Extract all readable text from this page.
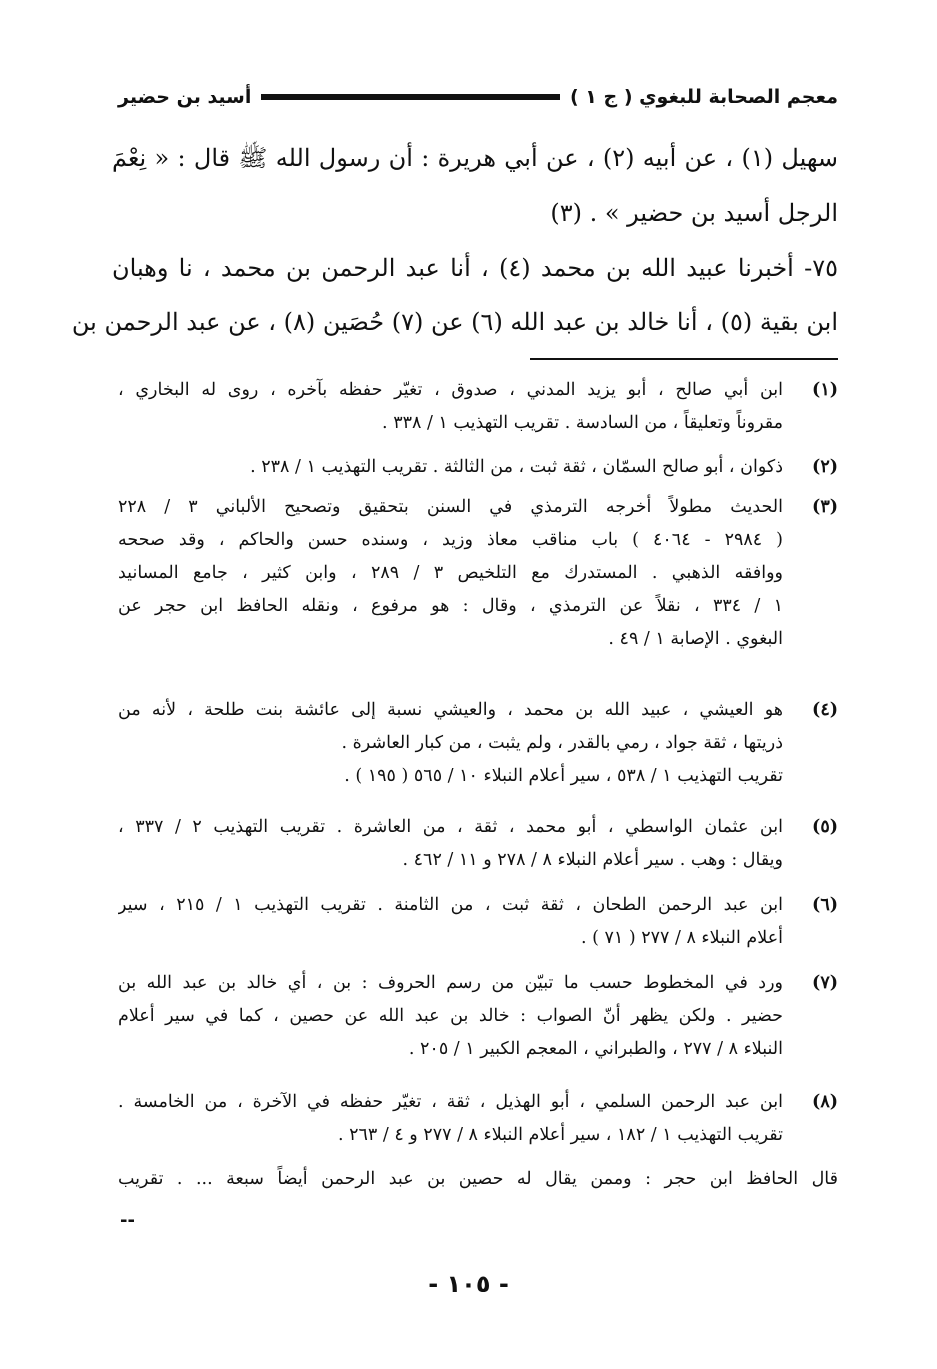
معجم الصحابة للبغوي ( ج ١ )
أسيد بن حضير

سهيل (١) ، عن أبيه (٢) ، عن أبي هريرة : أن رسول الله ﷺ قال : « نِعْمَ

الرجل أسيد بن حضير » . (٣)

٧٥- أخبرنا عبيد الله بن محمد (٤) ، أنا عبد الرحمن بن محمد ، نا وهبان

ابن بقية (٥) ، أنا خالد بن عبد الله (٦) عن (٧) حُصَين (٨) ، عن عبد الرحمن بن

(١)
ابن أبي صالح ، أبو يزيد المدني ، صدوق ، تغيّر حفظه بآخره ، روى له البخاري ،
مقروناً وتعليقاً ، من السادسة . تقريب التهذيب ١ / ٣٣٨ .
(٢)
ذكوان ، أبو صالح السمّان ، ثقة ثبت ، من الثالثة . تقريب التهذيب ١ / ٢٣٨ .
(٣)
الحديث مطولاً أخرجه الترمذي في السنن بتحقيق وتصحيح الألباني ٣ / ٢٢٨
( ٢٩٨٤ - ٤٠٦٤ ) باب مناقب معاذ وزيد ، وسنده حسن والحاكم ، وقد صححه
ووافقه الذهبي . المستدرك مع التلخيص ٣ / ٢٨٩ ، وابن كثير ، جامع المسانيد
١ / ٣٣٤ ، نقلاً عن الترمذي ، وقال : هو مرفوع ، ونقله الحافظ ابن حجر عن
البغوي . الإصابة ١ / ٤٩ .
(٤)
هو العيشي ، عبيد الله بن محمد ، والعيشي نسبة إلى عائشة بنت طلحة ، لأنه من
ذريتها ، ثقة جواد ، رمي بالقدر ، ولم يثبت ، من كبار العاشرة .
تقريب التهذيب ١ / ٥٣٨ ، سير أعلام النبلاء ١٠ / ٥٦٥ ( ١٩٥ ) .
(٥)
ابن عثمان الواسطي ، أبو محمد ، ثقة ، من العاشرة . تقريب التهذيب ٢ / ٣٣٧ ،
ويقال : وهب . سير أعلام النبلاء ٨ / ٢٧٨ و ١١ / ٤٦٢ .
(٦)
ابن عبد الرحمن الطحان ، ثقة ثبت ، من الثامنة . تقريب التهذيب ١ / ٢١٥ ، سير
أعلام النبلاء ٨ / ٢٧٧ ( ٧١ ) .
(٧)
ورد في المخطوط حسب ما تبيّن من رسم الحروف : بن ، أي خالد بن عبد الله بن
حضير . ولكن يظهر أنّ الصواب : خالد بن عبد الله عن حصين ، كما في سير أعلام
النبلاء ٨ / ٢٧٧ ، والطبراني ، المعجم الكبير ١ / ٢٠٥ .
(٨)
ابن عبد الرحمن السلمي ، أبو الهذيل ، ثقة ، تغيّر حفظه في الآخرة ، من الخامسة .
تقريب التهذيب ١ / ١٨٢ ، سير أعلام النبلاء ٨ / ٢٧٧ و ٤ / ٢٦٣ .
قال الحافظ ابن حجر : وممن يقال له حصين بن عبد الرحمن أيضاً سبعة ... . تقريب
--
- ١٠٥ -
